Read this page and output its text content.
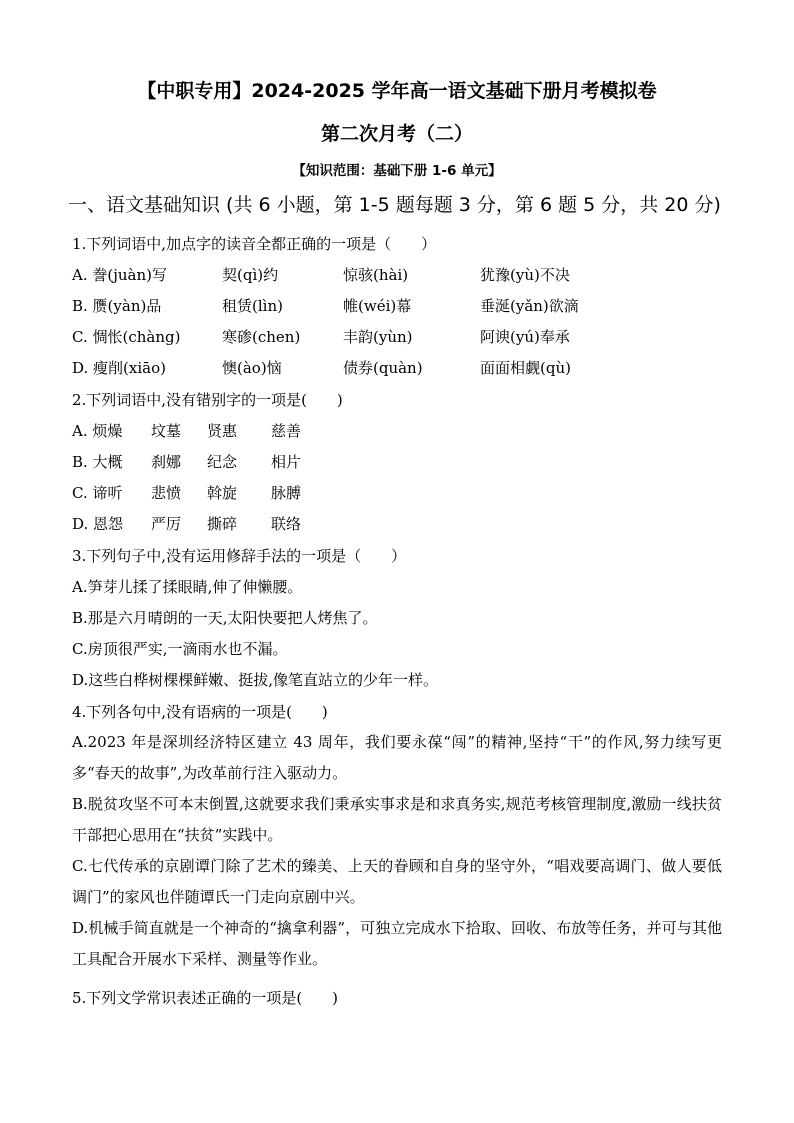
【中职专用】2024-2025 学年高一语文基础下册月考模拟卷
第二次月考（二）
【知识范围：基础下册 1-6 单元】
一、语文基础知识 (共 6 小题，第 1-5 题每题 3 分，第 6 题 5 分，共 20 分)
1.下列词语中,加点字的读音全都正确的一项是（　　）
A. 誊(juàn)写	契(qì)约	惊骇(hài)	犹豫(yù)不决
B. 赝(yàn)品	租赁(lìn)	帷(wéi)幕	垂涎(yǎn)欲滴
C. 惆怅(chàng)	寒碜(chen)	丰韵(yùn)	阿谀(yú)奉承
D. 瘦削(xiāo)	懊(ào)恼	债券(quàn)	面面相觑(qù)
2.下列词语中,没有错别字的一项是(　　)
A. 烦燥 坟墓 贤惠 慈善
B. 大概 刹娜 纪念 相片
C. 谛听 悲愤 斡旋 脉膊
D. 恩怨 严厉 撕碎 联络
3.下列句子中,没有运用修辞手法的一项是（　　）
A.笋芽儿揉了揉眼睛,伸了伸懒腰。
B.那是六月晴朗的一天,太阳快要把人烤焦了。
C.房顶很严实,一滴雨水也不漏。
D.这些白桦树棵棵鲜嫩、挺拔,像笔直站立的少年一样。
4.下列各句中,没有语病的一项是(　　)
A.2023 年是深圳经济特区建立 43 周年，我们要永葆“闯”的精神,坚持“干”的作风,努力续写更多“春天的故事”,为改革前行注入驱动力。
B.脱贫攻坚不可本末倒置,这就要求我们秉承实事求是和求真务实,规范考核管理制度,激励一线扶贫干部把心思用在“扶贫”实践中。
C.七代传承的京剧谭门除了艺术的臻美、上天的眷顾和自身的坚守外，“唱戏要高调门、做人要低调门”的家风也伴随谭氏一门走向京剧中兴。
D.机械手简直就是一个神奇的“擒拿利器”，可独立完成水下拾取、回收、布放等任务，并可与其他工具配合开展水下采样、测量等作业。
5.下列文学常识表述正确的一项是(　　)
